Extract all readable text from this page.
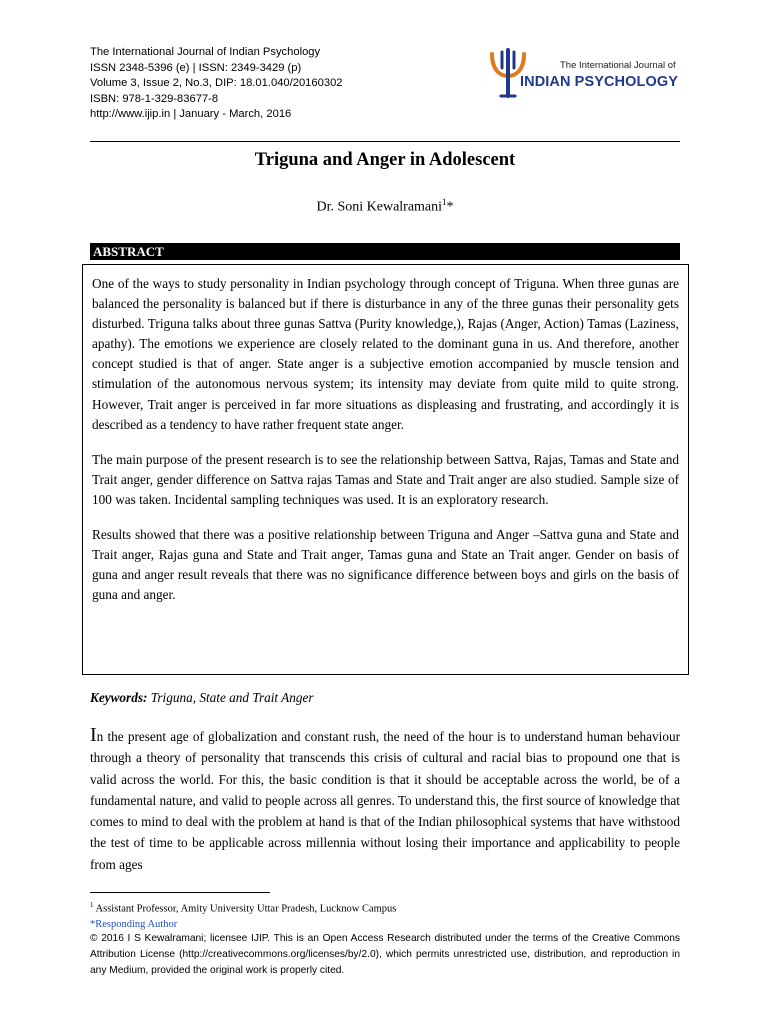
The International Journal of Indian Psychology
ISSN 2348-5396 (e) | ISSN: 2349-3429 (p)
Volume 3, Issue 2, No.3, DIP: 18.01.040/20160302
ISBN: 978-1-329-83677-8
http://www.ijip.in | January - March, 2016
The International Journal of
INDIAN PSYCHOLOGY
Triguna and Anger in Adolescent
Dr. Soni Kewalramani$^1$*
ABSTRACT

One of the ways to study personality in Indian psychology through concept of Triguna. When three gunas are balanced the personality is balanced but if there is disturbance in any of the three gunas their personality gets disturbed. Triguna talks about three gunas Sattva (Purity knowledge,), Rajas (Anger, Action) Tamas (Laziness, apathy). The emotions we experience are closely related to the dominant guna in us. And therefore, another concept studied is that of anger. State anger is a subjective emotion accompanied by muscle tension and stimulation of the autonomous nervous system; its intensity may deviate from quite mild to quite strong. However, Trait anger is perceived in far more situations as displeasing and frustrating, and accordingly it is described as a tendency to have rather frequent state anger.

The main purpose of the present research is to see the relationship between Sattva, Rajas, Tamas and State and Trait anger, gender difference on Sattva rajas Tamas and State and Trait anger are also studied. Sample size of 100 was taken. Incidental sampling techniques was used. It is an exploratory research.

Results showed that there was a positive relationship between Triguna and Anger –Sattva guna and State and Trait anger, Rajas guna and State and Trait anger, Tamas guna and State an Trait anger. Gender on basis of guna and anger result reveals that there was no significance difference between boys and girls on the basis of guna and anger.

Keywords: Triguna, State and Trait Anger

In the present age of globalization and constant rush, the need of the hour is to understand human behaviour through a theory of personality that transcends this crisis of cultural and racial bias to propound one that is valid across the world. For this, the basic condition is that it should be acceptable across the world, be of a fundamental nature, and valid to people across all genres. To understand this, the first source of knowledge that comes to mind to deal with the problem at hand is that of the Indian philosophical systems that have withstood the test of time to be applicable across millennia without losing their importance and applicability to people from ages

$^1$ Assistant Professor, Amity University Uttar Pradesh, Lucknow Campus
*Responding Author
© 2016 I S Kewalramani; licensee IJIP. This is an Open Access Research distributed under the terms of the Creative Commons Attribution License (http://creativecommons.org/licenses/by/2.0), which permits unrestricted use, distribution, and reproduction in any Medium, provided the original work is properly cited.
